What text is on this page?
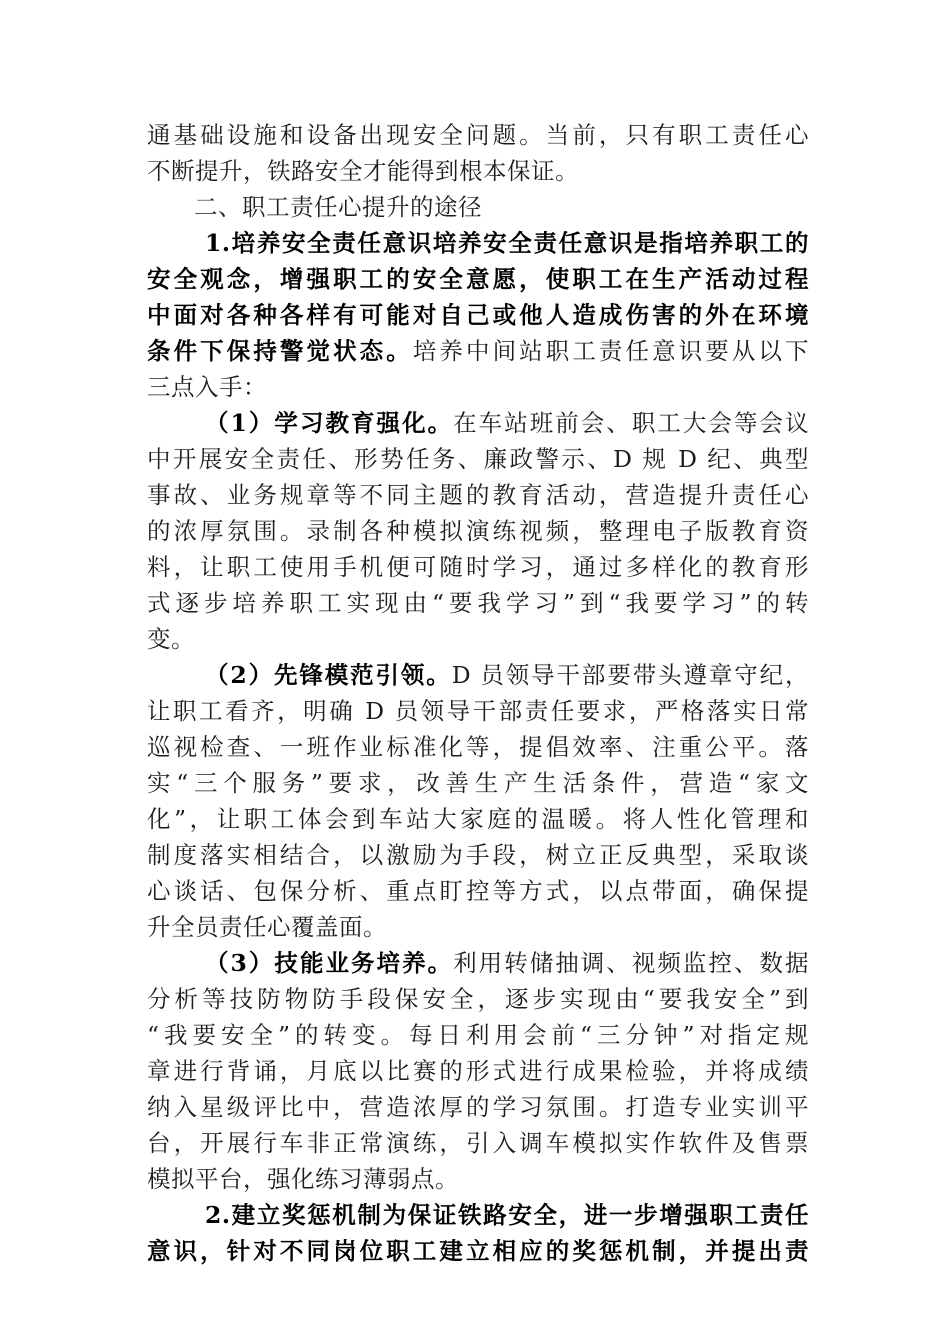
通基础设施和设备出现安全问题。当前，只有职工责任心
不断提升，铁路安全才能得到根本保证。
二、职工责任心提升的途径
1.培养安全责任意识培养安全责任意识是指培养职工的
安全观念，增强职工的安全意愿，使职工在生产活动过程
中面对各种各样有可能对自己或他人造成伤害的外在环境
条件下保持警觉状态。培养中间站职工责任意识要从以下
三点入手：
（1）学习教育强化。在车站班前会、职工大会等会议
中开展安全责任、形势任务、廉政警示、D 规 D 纪、典型
事故、业务规章等不同主题的教育活动，营造提升责任心
的浓厚氛围。录制各种模拟演练视频，整理电子版教育资
料，让职工使用手机便可随时学习，通过多样化的教育形
式逐步培养职工实现由“要我学习”到“我要学习”的转
变。
（2）先锋模范引领。D 员领导干部要带头遵章守纪，
让职工看齐，明确 D 员领导干部责任要求，严格落实日常
巡视检查、一班作业标准化等，提倡效率、注重公平。落
实“三个服务”要求，改善生产生活条件，营造“家文
化”，让职工体会到车站大家庭的温暖。将人性化管理和
制度落实相结合，以激励为手段，树立正反典型，采取谈
心谈话、包保分析、重点盯控等方式，以点带面，确保提
升全员责任心覆盖面。
（3）技能业务培养。利用转储抽调、视频监控、数据
分析等技防物防手段保安全，逐步实现由“要我安全”到
“我要安全”的转变。每日利用会前“三分钟”对指定规
章进行背诵，月底以比赛的形式进行成果检验，并将成绩
纳入星级评比中，营造浓厚的学习氛围。打造专业实训平
台，开展行车非正常演练，引入调车模拟实作软件及售票
模拟平台，强化练习薄弱点。
2.建立奖惩机制为保证铁路安全，进一步增强职工责任
意识，针对不同岗位职工建立相应的奖惩机制，并提出责
